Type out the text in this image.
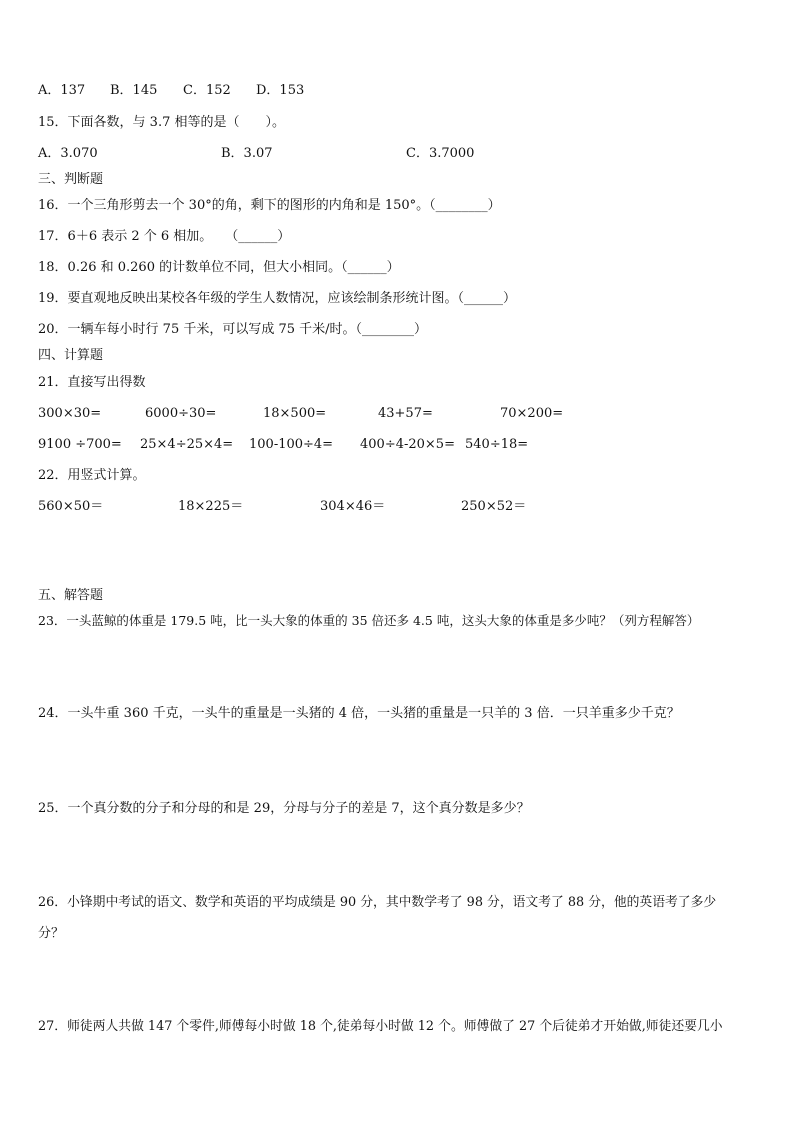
A．137 B．145 C．152 D．153
15．下面各数，与 3.7 相等的是（　　）。
A．3.070	B．3.07	C．3.7000
三、判断题
16．一个三角形剪去一个 30°的角，剩下的图形的内角和是 150°。（________）
17．6＋6 表示 2 个 6 相加。　　（______）
18．0.26 和 0.260 的计数单位不同，但大小相同。（______）
19．要直观地反映出某校各年级的学生人数情况，应该绘制条形统计图。（______）
20．一辆车每小时行 75 千米，可以写成 75 千米/时。（________）
四、计算题
21．直接写出得数
300×30=	6000÷30=	18×500=	43+57=	70×200=
9100 ÷700= 25×4÷25×4= 100-100÷4= 400÷4-20×5= 540÷18=
22．用竖式计算。
560×50＝	18×225＝	304×46＝	250×52＝
五、解答题
23．一头蓝鲸的体重是 179.5 吨，比一头大象的体重的 35 倍还多 4.5 吨，这头大象的体重是多少吨？（列方程解答）
24．一头牛重 360 千克，一头牛的重量是一头猪的 4 倍，一头猪的重量是一只羊的 3 倍．一只羊重多少千克？
25．一个真分数的分子和分母的和是 29，分母与分子的差是 7，这个真分数是多少？
26．小锋期中考试的语文、数学和英语的平均成绩是 90 分，其中数学考了 98 分，语文考了 88 分，他的英语考了多少
分？
27．师徒两人共做 147 个零件,师傅每小时做 18 个,徒弟每小时做 12 个。师傅做了 27 个后徒弟才开始做,师徒还要几小
